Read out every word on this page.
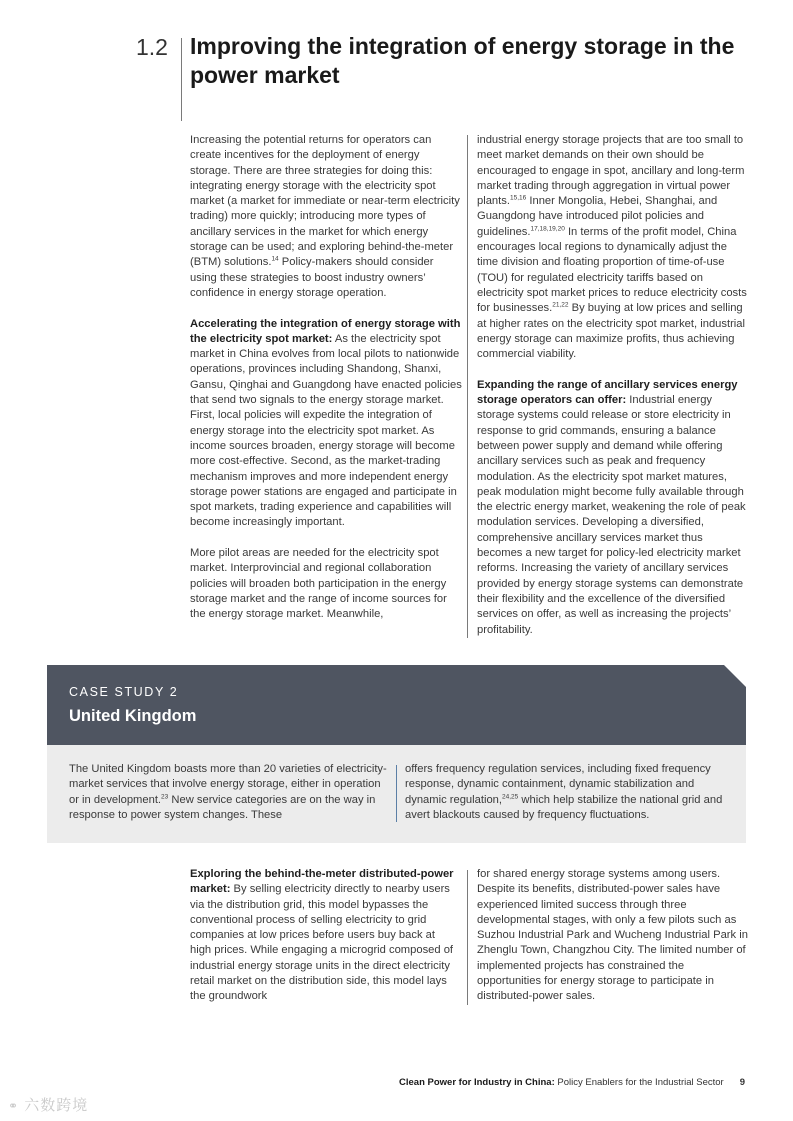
1.2 Improving the integration of energy storage in the power market

Increasing the potential returns for operators can create incentives for the deployment of energy storage. There are three strategies for doing this: integrating energy storage with the electricity spot market (a market for immediate or near-term electricity trading) more quickly; introducing more types of ancillary services in the market for which energy storage can be used; and exploring behind-the-meter (BTM) solutions.$^{14}$ Policy-makers should consider using these strategies to boost industry owners’ confidence in energy storage operation.

Accelerating the integration of energy storage with the electricity spot market: As the electricity spot market in China evolves from local pilots to nationwide operations, provinces including Shandong, Shanxi, Gansu, Qinghai and Guangdong have enacted policies that send two signals to the energy storage market. First, local policies will expedite the integration of energy storage into the electricity spot market. As income sources broaden, energy storage will become more cost-effective. Second, as the market-trading mechanism improves and more independent energy storage power stations are engaged and participate in spot markets, trading experience and capabilities will become increasingly important.

More pilot areas are needed for the electricity spot market. Interprovincial and regional collaboration policies will broaden both participation in the energy storage market and the range of income sources for the energy storage market. Meanwhile,

industrial energy storage projects that are too small to meet market demands on their own should be encouraged to engage in spot, ancillary and long-term market trading through aggregation in virtual power plants.$^{15,16}$ Inner Mongolia, Hebei, Shanghai, and Guangdong have introduced pilot policies and guidelines.$^{17,18,19,20}$ In terms of the profit model, China encourages local regions to dynamically adjust the time division and floating proportion of time-of-use (TOU) for regulated electricity tariffs based on electricity spot market prices to reduce electricity costs for businesses.$^{21,22}$ By buying at low prices and selling at higher rates on the electricity spot market, industrial energy storage can maximize profits, thus achieving commercial viability.

Expanding the range of ancillary services energy storage operators can offer: Industrial energy storage systems could release or store electricity in response to grid commands, ensuring a balance between power supply and demand while offering ancillary services such as peak and frequency modulation. As the electricity spot market matures, peak modulation might become fully available through the electric energy market, weakening the role of peak modulation services. Developing a diversified, comprehensive ancillary services market thus becomes a new target for policy-led electricity market reforms. Increasing the variety of ancillary services provided by energy storage systems can demonstrate their flexibility and the excellence of the diversified services on offer, as well as increasing the projects’ profitability.

CASE STUDY 2
United Kingdom
The United Kingdom boasts more than 20 varieties of electricity-market services that involve energy storage, either in operation or in development.$^{23}$ New service categories are on the way in response to power system changes. These
offers frequency regulation services, including fixed frequency response, dynamic containment, dynamic stabilization and dynamic regulation,$^{24,25}$ which help stabilize the national grid and avert blackouts caused by frequency fluctuations.

Exploring the behind-the-meter distributed-power market: By selling electricity directly to nearby users via the distribution grid, this model bypasses the conventional process of selling electricity to grid companies at low prices before users buy back at high prices. While engaging a microgrid composed of industrial energy storage units in the direct electricity retail market on the distribution side, this model lays the groundwork

for shared energy storage systems among users. Despite its benefits, distributed-power sales have experienced limited success through three developmental stages, with only a few pilots such as Suzhou Industrial Park and Wucheng Industrial Park in Zhenglu Town, Changzhou City. The limited number of implemented projects has constrained the opportunities for energy storage to participate in distributed-power sales.

Clean Power for Industry in China: Policy Enablers for the Industrial Sector 9
⚭ 六数跨境
